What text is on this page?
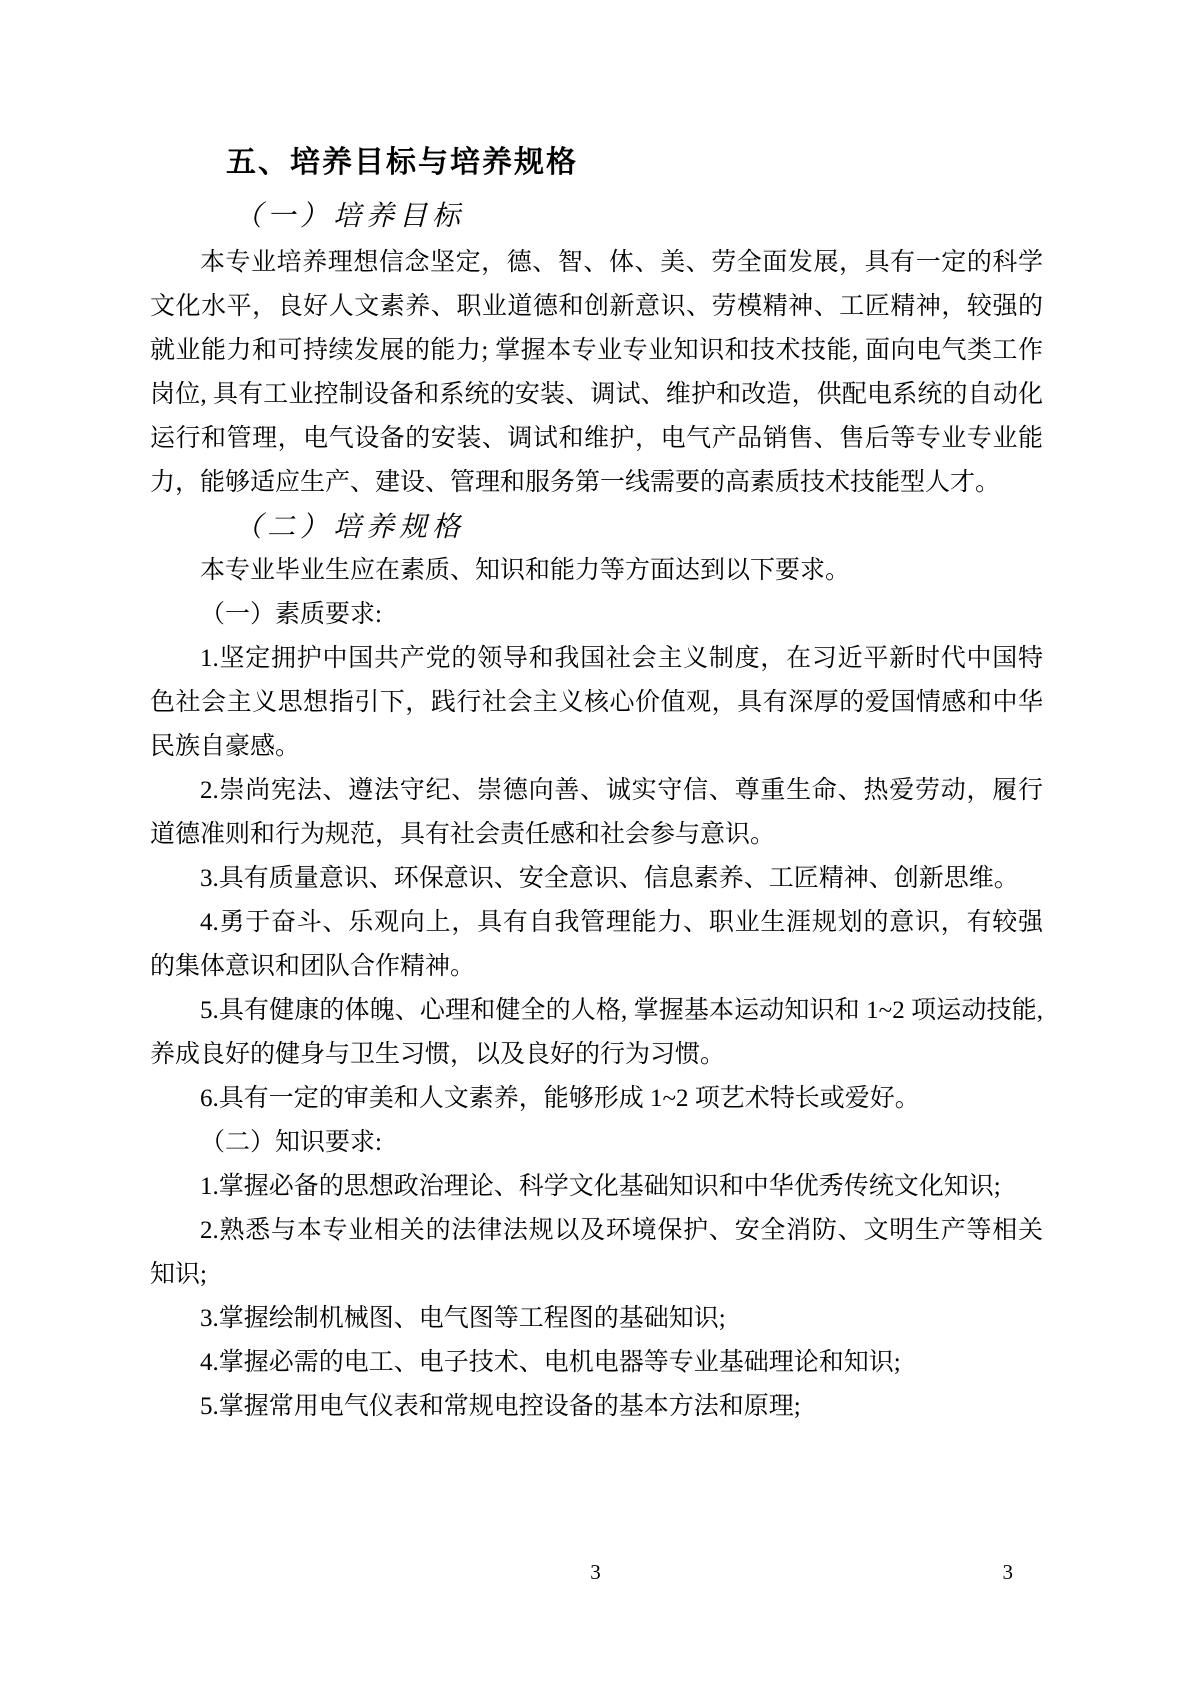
五、培养目标与培养规格
（一）培养目标

本专业培养理想信念坚定，德、智、体、美、劳全面发展，具有一定的科学文化水平，良好人文素养、职业道德和创新意识、劳模精神、工匠精神，较强的就业能力和可持续发展的能力; 掌握本专业专业知识和技术技能, 面向电气类工作岗位, 具有工业控制设备和系统的安装、调试、维护和改造，供配电系统的自动化运行和管理，电气设备的安装、调试和维护，电气产品销售、售后等专业专业能力，能够适应生产、建设、管理和服务第一线需要的高素质技术技能型人才。

（二）培养规格

本专业毕业生应在素质、知识和能力等方面达到以下要求。

（一）素质要求:

1.坚定拥护中国共产党的领导和我国社会主义制度，在习近平新时代中国特色社会主义思想指引下，践行社会主义核心价值观，具有深厚的爱国情感和中华民族自豪感。

2.崇尚宪法、遵法守纪、崇德向善、诚实守信、尊重生命、热爱劳动，履行道德准则和行为规范，具有社会责任感和社会参与意识。

3.具有质量意识、环保意识、安全意识、信息素养、工匠精神、创新思维。

4.勇于奋斗、乐观向上，具有自我管理能力、职业生涯规划的意识，有较强的集体意识和团队合作精神。

5.具有健康的体魄、心理和健全的人格, 掌握基本运动知识和 1~2 项运动技能, 养成良好的健身与卫生习惯，以及良好的行为习惯。

6.具有一定的审美和人文素养，能够形成 1~2 项艺术特长或爱好。

（二）知识要求:

1.掌握必备的思想政治理论、科学文化基础知识和中华优秀传统文化知识;

2.熟悉与本专业相关的法律法规以及环境保护、安全消防、文明生产等相关知识;

3.掌握绘制机械图、电气图等工程图的基础知识;

4.掌握必需的电工、电子技术、电机电器等专业基础理论和知识;

5.掌握常用电气仪表和常规电控设备的基本方法和原理;

3	3
